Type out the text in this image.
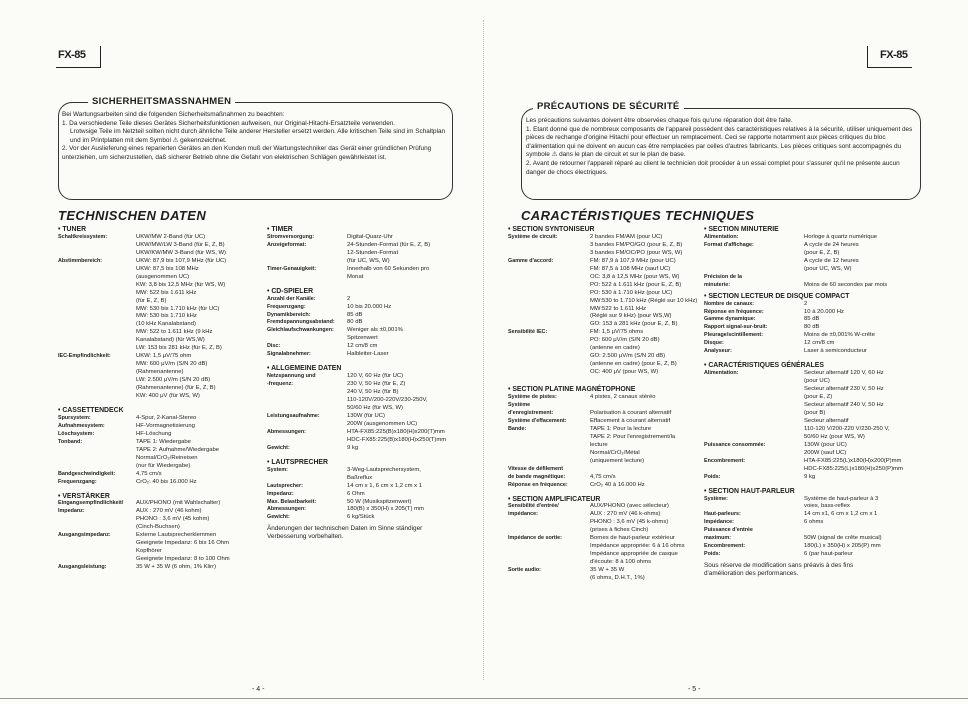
FX-85
SICHERHEITSMASSNAHMEN

Bei Wartungsarbeiten sind die folgenden Sicherheitsmaßnahmen zu beachten:

1. Da verschiedene Teile dieses Gerätes Sicherheitsfunktionen aufweisen, nur Original-Hitachi-Ersatzteile verwenden.

Lrotwsige Teile im Netzteil sollten nicht durch ähnliche Teile anderer Hersteller ersetzt werden. Alle kritischen Teile sind im Schaltplan und im Printplatten mit dem Symbol ⚠ gekennzeichnet.

2. Vor der Auslieferung eines reparierten Gerätes an den Kunden muß der Wartungstechniker das Gerät einer gründlichen Prüfung unterziehen, um sicherzustellen, daß sicherer Betrieb ohne die Gefahr von elektrischen Schlägen gewährleistet ist.

TECHNISCHEN DATEN
• TUNER
Schaltkreissystem:	UKW/MW 2-Band (für UC)
UKW/MW/LW 3-Band (für E, Z, B)
UKW/KW/MW 3-Band (für WS, W)
Abstimmbereich:	UKW: 87,9 bis 107,9 MHz (für UC)
UKW: 87,5 bis 108 MHz
(ausgenommen UC)
KW: 3,8 bis 12,5 MHz (für WS, W)
MW: 522 bis 1.611 kHz
(für E, Z, B)
MW: 530 bis 1.710 kHz (für UC)
MW: 530 bis 1.710 kHz
(10 kHz Kanalabstand)
MW: 522 to 1.611 kHz (9 kHz
Kanalabstand) (für WS,W)
LW: 153 bis 281 kHz (für E, Z, B)
IEC-Empfindlichkeit:	UKW: 1,5 μV/75 ohm
MW: 600 μV/m (S/N 20 dB)
(Rahmenantenne)
LW: 2.500 μV/m (S/N 20 dB)
(Rahmenantenne) (für E, Z, B)
KW: 400 μV (für WS, W)
• CASSETTENDECK
Spursystem:	4-Spur, 2-Kanal-Stereo
Aufnahmesystem:	HF-Vormagnetisierung
Löschsystem:	HF-Löschung
Tonband:	TAPE 1: Wiedergabe
TAPE 2: Aufnahme/Wiedergabe
Normal/CrO₂/Reineisen
(nur für Wiedergabe)
Bandgeschwindigkeit:	4,75 cm/s
Frequenzgang:	CrO₂: 40 bis 16.000 Hz
• VERSTÄRKER
Eingangsempfindlichkeit/	AUX/PHONO (mit Wahlschalter)
Impedanz:	AUX : 270 mV (46 kohm)
PHONO : 3,6 mV (45 kohm)
(Cinch-Buchsen)
Ausgangsimpedanz:	Externe Lautsprecherklemmen
Geeignete Impedanz: 6 bis 16 Ohm
Kopfhörer
Geeignete Impedanz: 8 to 100 Ohm
Ausgangsleistung:	35 W + 35 W (6 ohm, 1% Klirr)
• TIMER
Stromversorgung:	Digital-Quarz-Uhr
Anzeigeformat:	24-Stunden-Format (für E, Z, B)
12-Stunden-Format
(für UC, WS, W)
Timer-Genauigkeit:	Innerhalb von 60 Sekunden pro
Monat
• CD-SPIELER
Anzahl der Kanäle:	2
Frequenzgang:	10 bis 20.000 Hz
Dynamikbereich:	85 dB
Fremdspannungsabstand:	80 dB
Gleichlaufschwankungen:	Weniger als ±0,001%
Spitzenwert
Disc:	12 cm/8 cm
Signalabnehmer:	Halbleiter-Laser
• ALLGEMEINE DATEN
Netzspannung und	120 V, 60 Hz (für UC)
-frequenz:	230 V, 50 Hz (für E, Z)
240 V, 50 Hz (für B)
110-120V/200-220V/230-250V,
50/60 Hz (für WS, W)
Leistungsaufnahme:	130W (für UC)
200W (ausgenommen UC)
Abmessungen:	HTA-FX85:225(B)x180(H)x200(T)mm
HDC-FX85:225(B)x180(H)x250(T)mm
Gewicht:	9 kg
• LAUTSPRECHER
System:	3-Weg-Lautsprechersystem,
Baßreflux
Lautsprecher:	14 cm x 1, 6 cm x 1,2 cm x 1
Impedanz:	6 Ohm
Max. Belastbarkeit:	50 W (Musikspitzenwert)
Abmessungen:	180(B) x 350(H) x 205(T) mm
Gewicht:	6 kg/Stück
Änderungen der technischen Daten im Sinne ständiger
Verbesserung vorbehalten.
- 4 -
FX-85
PRÉCAUTIONS DE SÉCURITÉ

Les précautions suivantes doivent être observées chaque fois qu'une réparation doit être faite.

1. Etant donné que de nombreux composants de l'appareil possèdent des caractéristiques relatives à la sécurité, utiliser uniquement des pièces de rechange d'origine Hitachi pour effectuer un remplacement. Ceci se rapporte notamment aux pièces critiques du bloc d'alimentation qui ne doivent en aucun cas être remplacées par celles d'autres fabricants. Les pièces critiques sont accompagnés du symbole ⚠ dans le plan de circuit et sur le plan de base.

2. Avant de retourner l'appareil réparé au client le technicien doit procéder à un essai complet pour s'assurer qu'il ne présente aucun danger de chocs électriques.

CARACTÉRISTIQUES TECHNIQUES
• SECTION SYNTONISEUR
Système de circuit:	2 bandes FM/AM (pour UC)
3 bandes FM/PO/GO (pour E, Z, B)
3 bandes FM/OC/PO (pour WS, W)
Gamme d'accord:	FM: 87,9 à 107,9 MHz (pour UC)
FM: 87,5 à 108 MHz (sauf UC)
OC: 3,8 à 12,5 MHz (pour WS, W)
PO: 522 à 1.611 kHz (pour E, Z, B)
PO: 530 à 1.710 kHz (pour UC)
MW:530 to 1.710 kHz (Réglé sur 10 kHz)
MW:522 to 1.611 kHz
(Réglé sur 9 kHz) (pour WS,W)
GO: 153 à 281 kHz (pour E, Z, B)
Sensibilité IEC:	FM: 1,5 μV/75 ohms
PO: 600 μV/m (S/N 20 dB)
(antenne en cadre)
GO: 2.500 μV/m (S/N 20 dB)
(antenne en cadre) (pour E, Z, B)
OC: 400 μV (pour WS, W)
• SECTION PLATINE MAGNÉTOPHONE
Système de pistes:	4 pistes, 2 canaux stéréo
Système
d'enregistrement:	Polarisation à courant alternatif
Système d'effacement:	Effacement à courant alternatif
Bande:	TAPE 1: Pour la lecture
TAPE 2: Pour l'enregistrement/la
lecture
Normal/CrO₂/Métal
(uniquement lecture)
Vitesse de défilement
de bande magnétique:	4,75 cm/s
Réponse en fréquence:	CrO₂ 40 à 16.000 Hz
• SECTION AMPLIFICATEUR
Sensibilité d'entrée/	AUX/PHONO (avec sélecteur)
impédance:	AUX : 270 mV (46 k-ohms)
PHONO : 3,6 mV (45 k-ohms)
(prises à fiches Cinch)
Impédance de sortie:	Bornes de haut-parleur extérieur
Impédance appropriée: 6 à 16 ohms
Impédance appropriée de casque
d'écoute: 8 à 100 ohms
Sortie audio:	35 W + 35 W
(6 ohms, D.H.T., 1%)
• SECTION MINUTERIE
Alimentation:	Horloge à quartz numérique
Format d'affichage:	A cycle de 24 heures
(pour E, Z, B)
A cycle de 12 heures
(pour UC, WS, W)
Précision de la
minuterie:	Moins de 60 secondes par mois
• SECTION LECTEUR DE DISQUE COMPACT
Nombre de canaux:	2
Réponse en fréquence:	10 à 20.000 Hz
Gamme dynamique:	85 dB
Rapport signal-sur-bruit:	80 dB
Pleurage/scintillement:	Moins de ±0,001% W-crête
Disque:	12 cm/8 cm
Analyseur:	Laser à semiconducteur
• CARACTÉRISTIQUES GÉNÉRALES
Alimentation:	Secteur alternatif 120 V, 60 Hz
(pour UC)
Secteur alternatif 230 V, 50 Hz
(pour E, Z)
Secteur alternatif 240 V, 50 Hz
(pour B)
Secteur alternatif
110-120 V/200-220 V/230-250 V,
50/60 Hz (pour WS, W)
Puissance consommée:	130W (pour UC)
200W (sauf UC)
Encombrement:	HTA-FX85:225(L)x180(H)x200(P)mm
HDC-FX85:225(L)x180(H)x250(P)mm
Poids:	9 kg
• SECTION HAUT-PARLEUR
Système:	Système de haut-parleur à 3
voies, bass-reflex
Haut-parleurs:	14 cm x1, 6 cm x 1,2 cm x 1
Impédance:	6 ohms
Puissance d'entrée
maximum:	50W (signal de crête musical)
Encombrement:	180(L) x 350(H) x 205(P) mm
Poids:	6 (par haut-parleur
Sous réserve de modification sans préavis à des fins
d'amélioration des performances.
- 5 -
